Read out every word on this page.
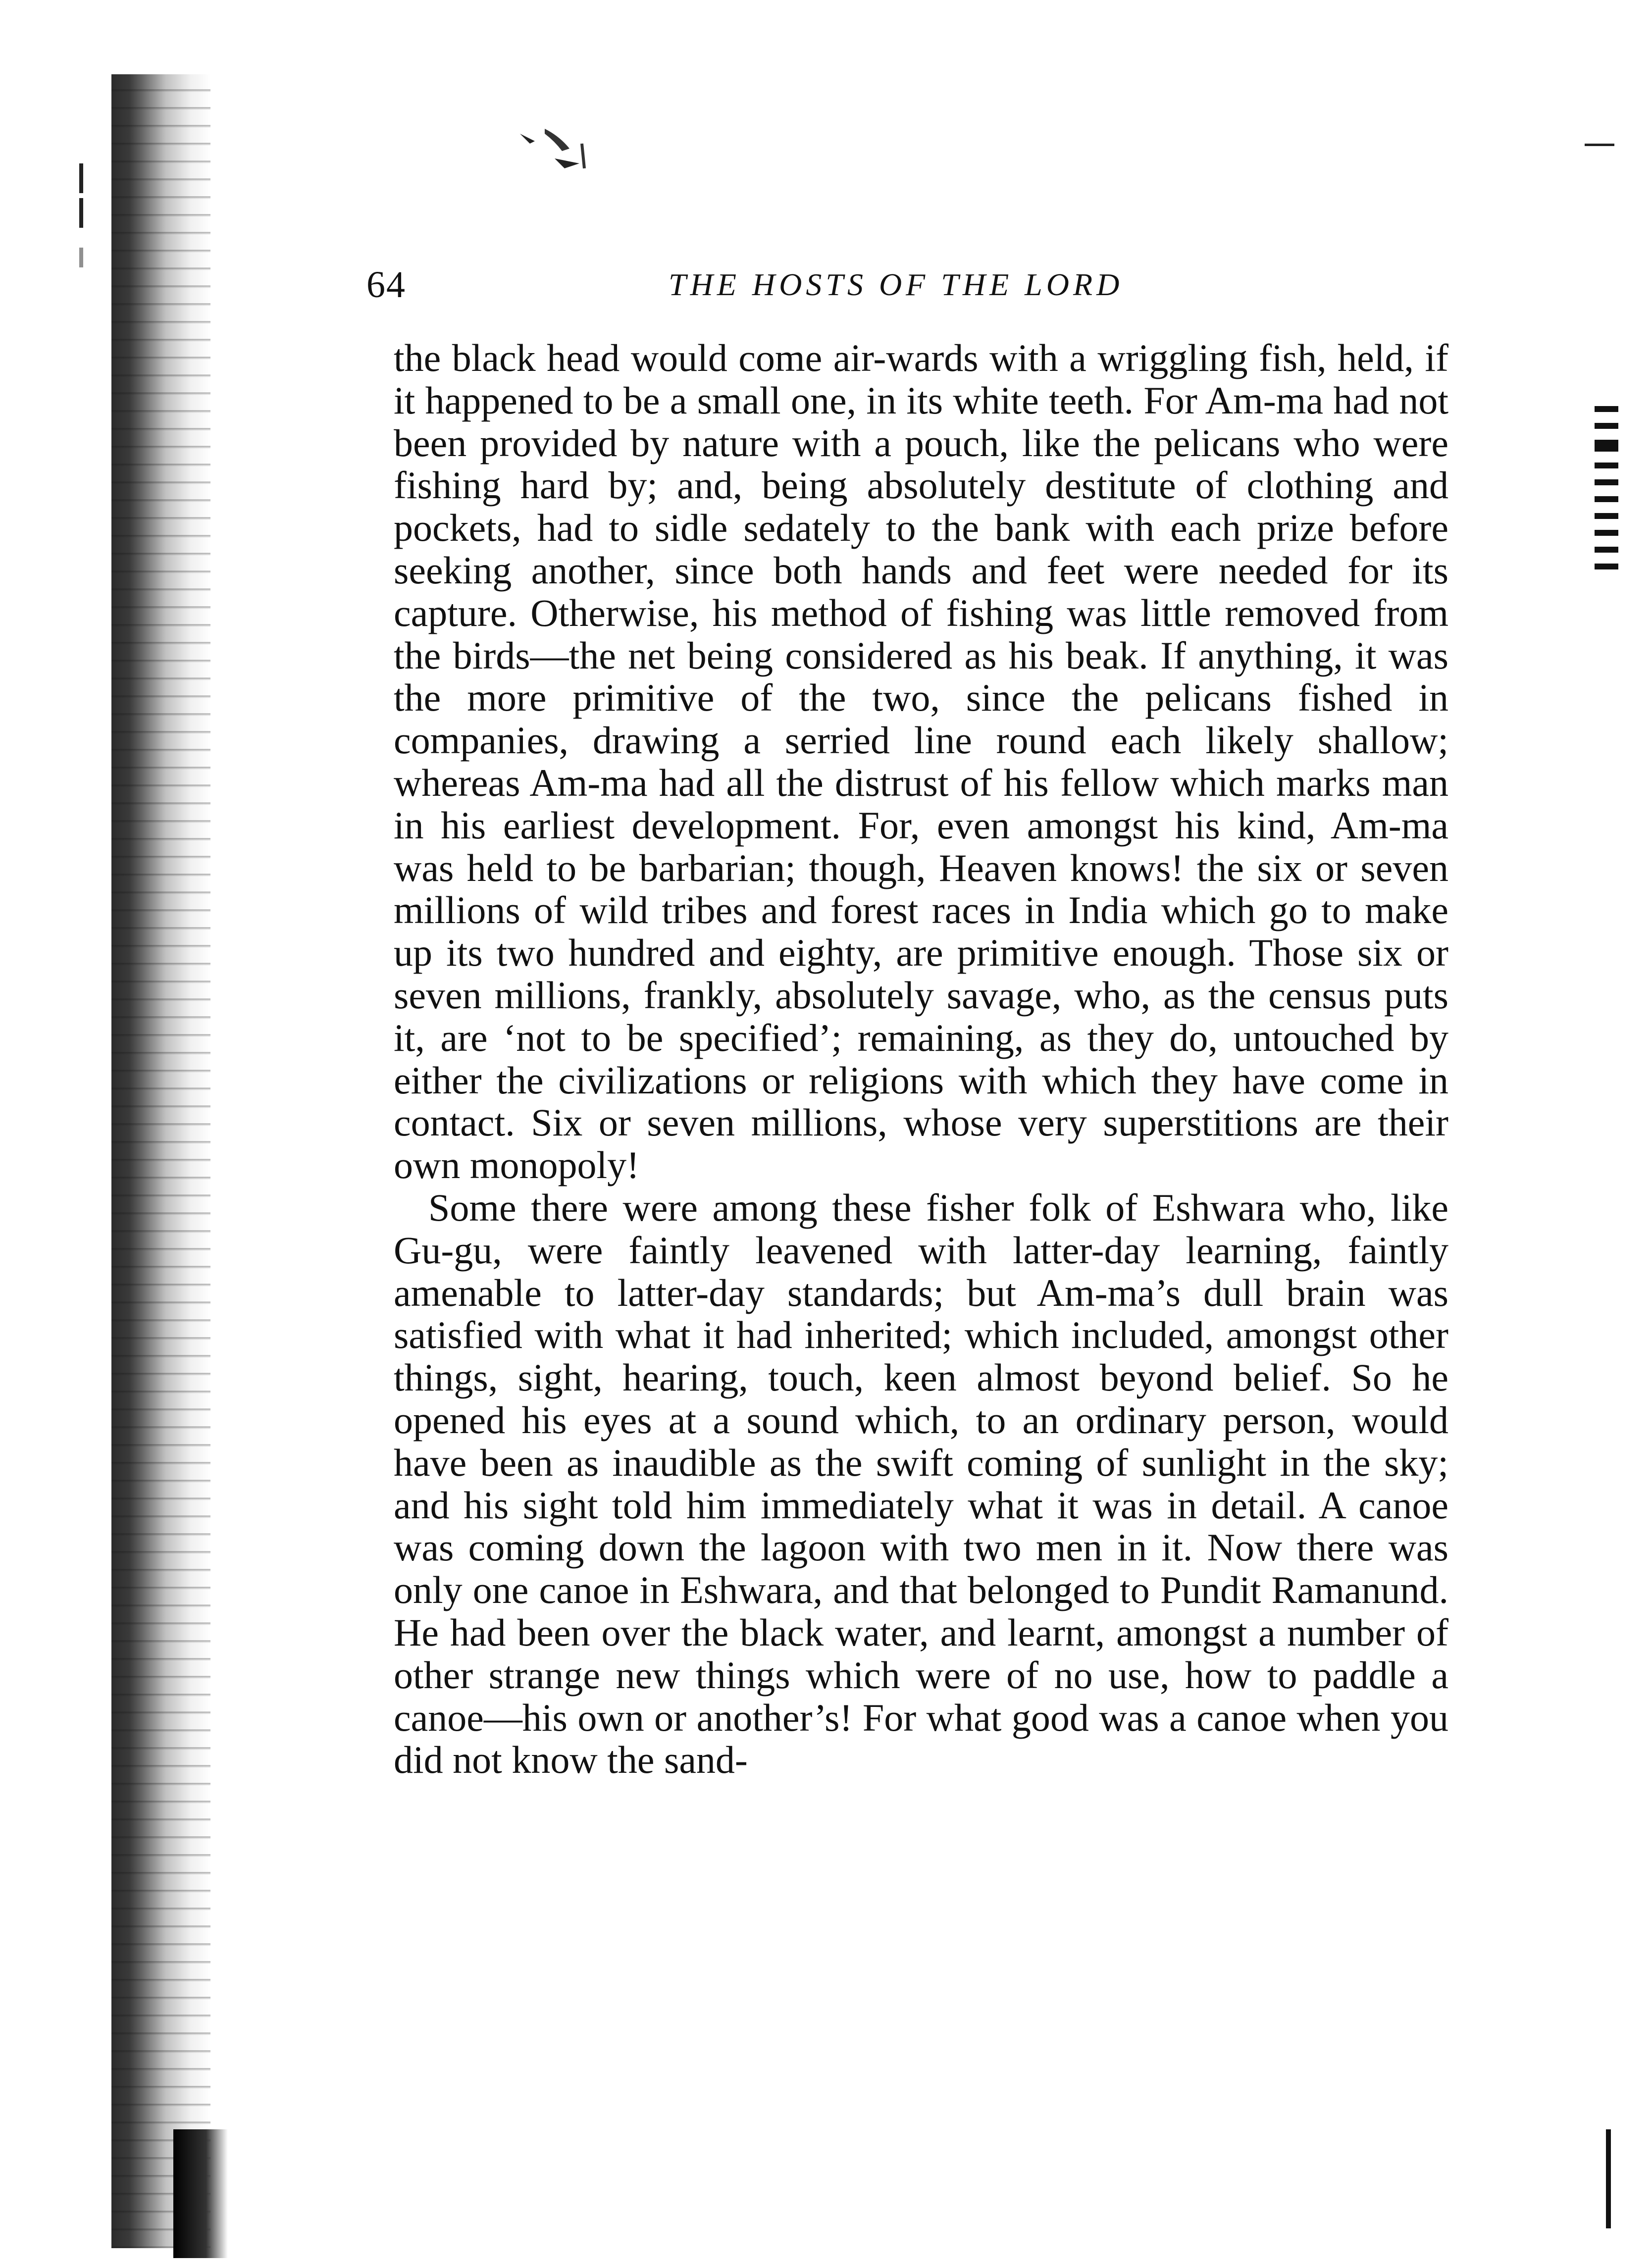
64	THE HOSTS OF THE LORD

the black head would come air-wards with a wriggling fish, held, if it happened to be a small one, in its white teeth. For Am-ma had not been provided by nature with a pouch, like the pelicans who were fishing hard by; and, being absolutely destitute of clothing and pockets, had to sidle sedately to the bank with each prize before seeking another, since both hands and feet were needed for its capture. Otherwise, his method of fishing was little removed from the birds—the net being considered as his beak. If anything, it was the more primitive of the two, since the pelicans fished in companies, drawing a serried line round each likely shallow; whereas Am-ma had all the distrust of his fellow which marks man in his earliest development. For, even amongst his kind, Am-ma was held to be barbarian; though, Heaven knows! the six or seven millions of wild tribes and forest races in India which go to make up its two hundred and eighty, are primitive enough. Those six or seven millions, frankly, absolutely savage, who, as the census puts it, are ‘not to be specified’; remaining, as they do, untouched by either the civilizations or religions with which they have come in contact. Six or seven millions, whose very superstitions are their own monopoly!

Some there were among these fisher folk of Eshwara who, like Gu-gu, were faintly leavened with latter-day learning, faintly amenable to latter-day standards; but Am-ma’s dull brain was satisfied with what it had inherited; which included, amongst other things, sight, hearing, touch, keen almost beyond belief. So he opened his eyes at a sound which, to an ordinary person, would have been as inaudible as the swift coming of sunlight in the sky; and his sight told him immediately what it was in detail. A canoe was coming down the lagoon with two men in it. Now there was only one canoe in Eshwara, and that belonged to Pundit Ramanund. He had been over the black water, and learnt, amongst a number of other strange new things which were of no use, how to paddle a canoe—his own or another’s! For what good was a canoe when you did not know the sand-
